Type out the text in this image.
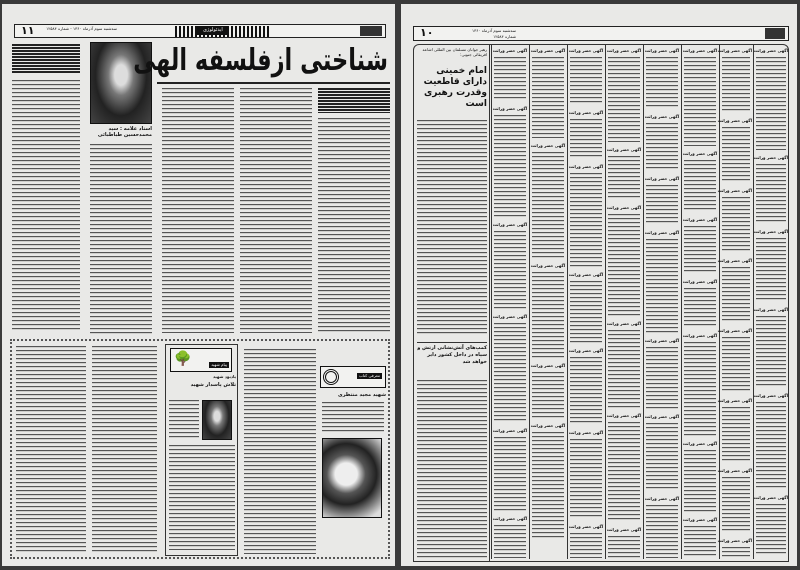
١١	سه‌شنبه سوم آذرماه ۱۳۶۰ - شماره ۱۲۵۸۴	ایدئولوژی
استاد علامه : سید محمدحسین طباطبائی
شناختی ازفلسفه الهی
🌳	پیام شهید
یادبود شهید
تلاش پاسدار شهید
معرفی کتاب
شهید مجید منتظری
۱۰	سه‌شنبه سوم آذرماه ۱۳۶۰
شماره ۱۲۵۸۴
رهبر جوانان مسلمان بین المللی اشاعه افریقائی جنوبی:
امام خمینی دارای قاطعیت وقدرت رهبری است
کمپ‌های آتش‌نشانی ارتش و سپاه در داخل کشور دایر خواهد شد
آگهی حصر وراثت
آگهی حصر وراثت
آگهی حصر وراثت
آگهی حصر وراثت
آگهی حصر وراثت
آگهی حصر وراثت
آگهی حصر وراثت
آگهی حصر وراثت
آگهی حصر وراثت
آگهی حصر وراثت
آگهی حصر وراثت
آگهی حصر وراثت
آگهی حصر وراثت
آگهی حصر وراثت
آگهی حصر وراثت
آگهی حصر وراثت
آگهی حصر وراثت
آگهی حصر وراثت
آگهی حصر وراثت
آگهی حصر وراثت
آگهی حصر وراثت
آگهی حصر وراثت
آگهی حصر وراثت
آگهی حصر وراثت
آگهی حصر وراثت
آگهی حصر وراثت
آگهی حصر وراثت
آگهی حصر وراثت
آگهی حصر وراثت
آگهی حصر وراثت
آگهی حصر وراثت
آگهی حصر وراثت
آگهی حصر وراثت
آگهی حصر وراثت
آگهی حصر وراثت
آگهی حصر وراثت
آگهی حصر وراثت
آگهی حصر وراثت
آگهی حصر وراثت
آگهی حصر وراثت
آگهی حصر وراثت
آگهی حصر وراثت
آگهی حصر وراثت
آگهی حصر وراثت
آگهی حصر وراثت
آگهی حصر وراثت
آگهی حصر وراثت
آگهی حصر وراثت
آگهی حصر وراثت
آگهی حصر وراثت
آگهی حصر وراثت
آگهی حصر وراثت
